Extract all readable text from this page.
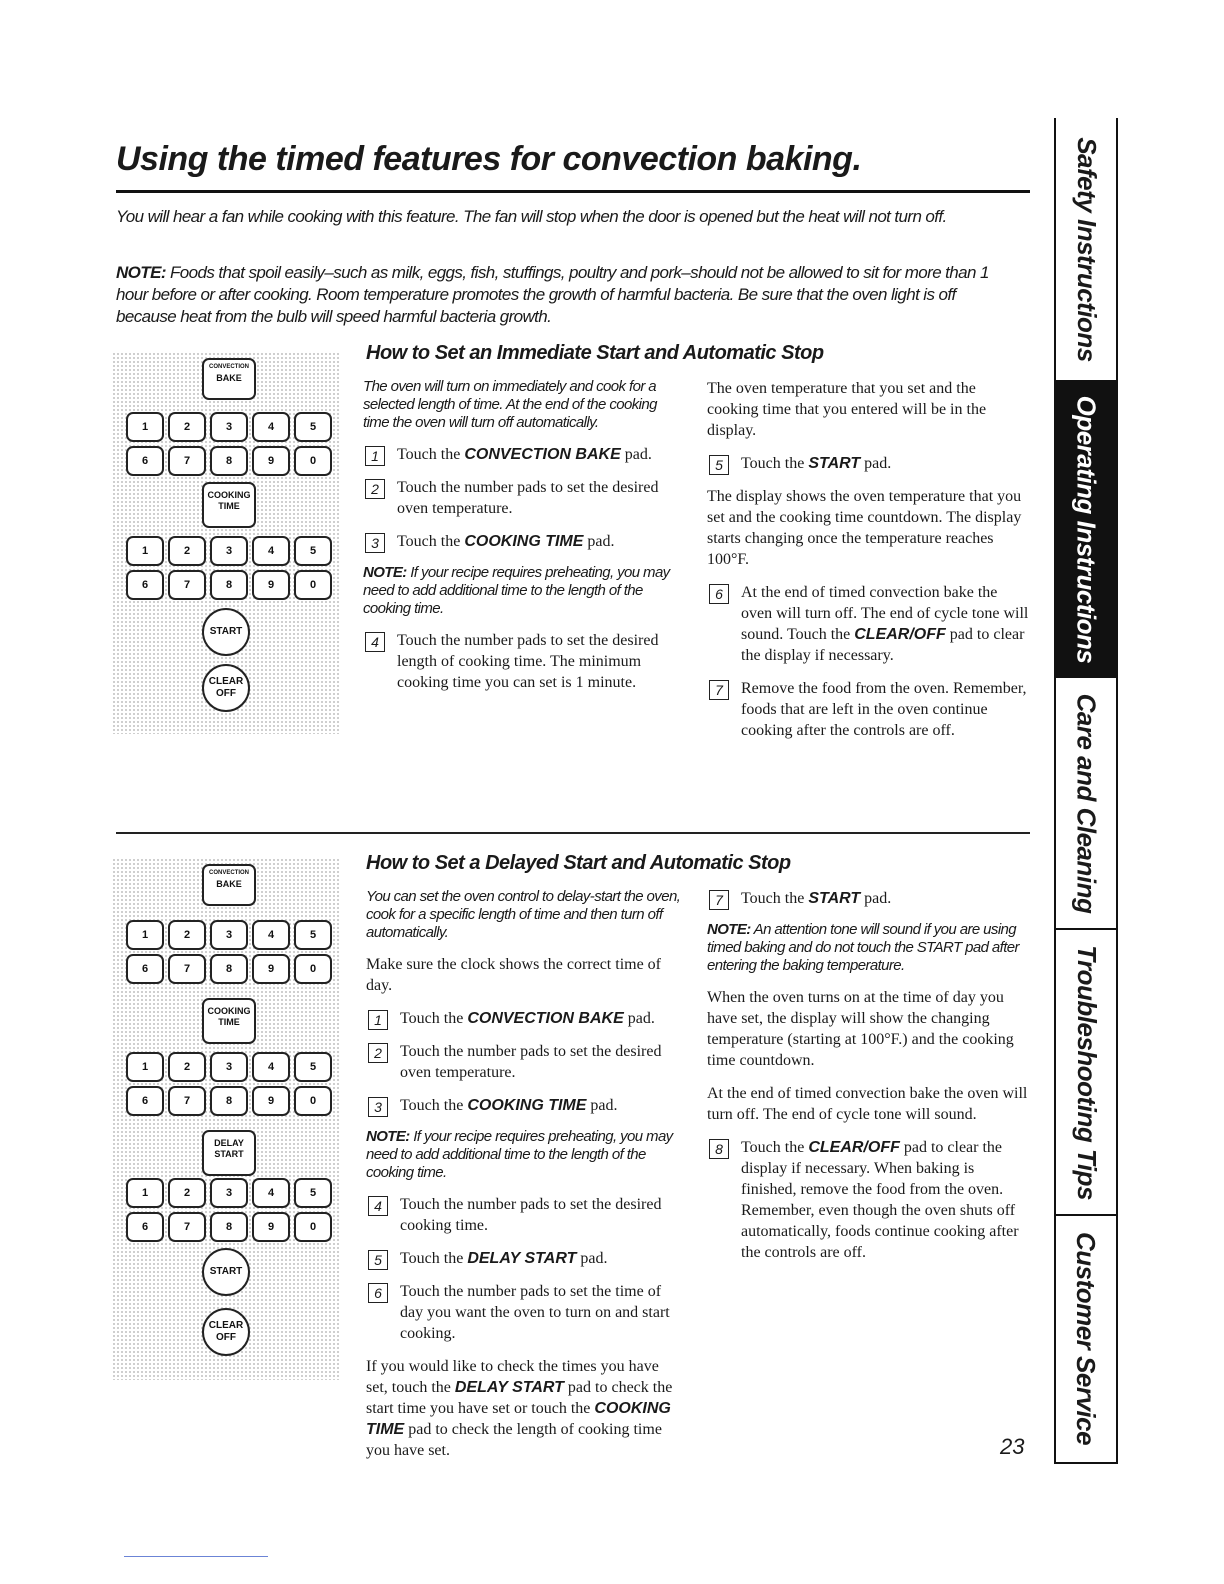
Using the timed features for convection baking.

You will hear a fan while cooking with this feature. The fan will stop when the door is opened but the heat will not turn off.

NOTE: Foods that spoil easily–such as milk, eggs, fish, stuffings, poultry and pork–should not be allowed to sit for more than 1 hour before or after cooking. Room temperature promotes the growth of harmful bacteria. Be sure that the oven light is off because heat from the bulb will speed harmful bacteria growth.

How to Set an Immediate Start and Automatic Stop
CONVECTION
BAKE
1	2	3	4	5
6	7	8	9	0
COOKING
TIME
1	2	3	4	5
6	7	8	9	0
START
CLEAR
OFF

The oven will turn on immediately and cook for a selected length of time. At the end of the cooking time the oven will turn off automatically.

1	Touch the CONVECTION BAKE pad.
2	Touch the number pads to set the desired oven temperature.
3	Touch the COOKING TIME pad.

NOTE: If your recipe requires preheating, you may need to add additional time to the length of the cooking time.

4	Touch the number pads to set the desired length of cooking time. The minimum cooking time you can set is 1 minute.

The oven temperature that you set and the cooking time that you entered will be in the display.

5	Touch the START pad.

The display shows the oven temperature that you set and the cooking time countdown. The display starts changing once the temperature reaches 100°F.

6	At the end of timed convection bake the oven will turn off. The end of cycle tone will sound. Touch the CLEAR/OFF pad to clear the display if necessary.
7	Remove the food from the oven. Remember, foods that are left in the oven continue cooking after the controls are off.
How to Set a Delayed Start and Automatic Stop
CONVECTION
BAKE
1	2	3	4	5
6	7	8	9	0
COOKING
TIME
1	2	3	4	5
6	7	8	9	0
DELAY
START
1	2	3	4	5
6	7	8	9	0
START
CLEAR
OFF

You can set the oven control to delay-start the oven, cook for a specific length of time and then turn off automatically.

Make sure the clock shows the correct time of day.

1	Touch the CONVECTION BAKE pad.
2	Touch the number pads to set the desired oven temperature.
3	Touch the COOKING TIME pad.

NOTE: If your recipe requires preheating, you may need to add additional time to the length of the cooking time.

4	Touch the number pads to set the desired cooking time.
5	Touch the DELAY START pad.
6	Touch the number pads to set the time of day you want the oven to turn on and start cooking.

If you would like to check the times you have set, touch the DELAY START pad to check the start time you have set or touch the COOKING TIME pad to check the length of cooking time you have set.

7	Touch the START pad.

NOTE: An attention tone will sound if you are using timed baking and do not touch the START pad after entering the baking temperature.

When the oven turns on at the time of day you have set, the display will show the changing temperature (starting at 100°F.) and the cooking time countdown.

At the end of timed convection bake the oven will turn off. The end of cycle tone will sound.

8	Touch the CLEAR/OFF pad to clear the display if necessary. When baking is finished, remove the food from the oven. Remember, even though the oven shuts off automatically, foods continue cooking after the controls are off.
23
Safety Instructions
Operating Instructions
Care and Cleaning
Troubleshooting Tips
Customer Service
